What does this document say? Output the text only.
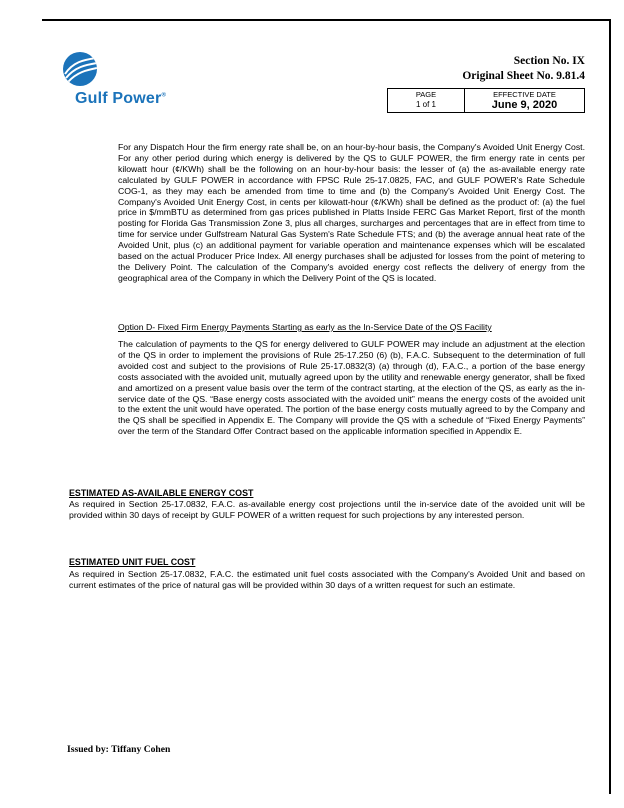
Gulf Power®
Section No. IX
Original Sheet No. 9.81.4
PAGE
1 of 1

EFFECTIVE DATE
June 9, 2020

For any Dispatch Hour the firm energy rate shall be, on an hour-by-hour basis, the Company's Avoided Unit Energy Cost. For any other period during which energy is delivered by the QS to GULF POWER, the firm energy rate in cents per kilowatt hour (¢/KWh) shall be the following on an hour-by-hour basis: the lesser of (a) the as-available energy rate calculated by GULF POWER in accordance with FPSC Rule 25-17.0825, FAC, and GULF POWER's Rate Schedule COG-1, as they may each be amended from time to time and (b) the Company's Avoided Unit Energy Cost. The Company's Avoided Unit Energy Cost, in cents per kilowatt-hour (¢/KWh) shall be defined as the product of: (a) the fuel price in $/mmBTU as determined from gas prices published in Platts Inside FERC Gas Market Report, first of the month posting for Florida Gas Transmission Zone 3, plus all charges, surcharges and percentages that are in effect from time to time for service under Gulfstream Natural Gas System's Rate Schedule FTS; and (b) the average annual heat rate of the Avoided Unit, plus (c) an additional payment for variable operation and maintenance expenses which will be escalated based on the actual Producer Price Index. All energy purchases shall be adjusted for losses from the point of metering to the Delivery Point. The calculation of the Company's avoided energy cost reflects the delivery of energy from the geographical area of the Company in which the Delivery Point of the QS is located.

Option D- Fixed Firm Energy Payments Starting as early as the In-Service Date of the QS Facility

The calculation of payments to the QS for energy delivered to GULF POWER may include an adjustment at the election of the QS in order to implement the provisions of Rule 25-17.250 (6) (b), F.A.C. Subsequent to the determination of full avoided cost and subject to the provisions of Rule 25-17.0832(3) (a) through (d), F.A.C., a portion of the base energy costs associated with the avoided unit, mutually agreed upon by the utility and renewable energy generator, shall be fixed and amortized on a present value basis over the term of the contract starting, at the election of the QS, as early as the in-service date of the QS. “Base energy costs associated with the avoided unit” means the energy costs of the avoided unit to the extent the unit would have operated. The portion of the base energy costs mutually agreed to by the Company and the QS shall be specified in Appendix E. The Company will provide the QS with a schedule of “Fixed Energy Payments” over the term of the Standard Offer Contract based on the applicable information specified in Appendix E.

ESTIMATED AS-AVAILABLE ENERGY COST

As required in Section 25-17.0832, F.A.C. as-available energy cost projections until the in-service date of the avoided unit will be provided within 30 days of receipt by GULF POWER of a written request for such projections by any interested person.

ESTIMATED UNIT FUEL COST

As required in Section 25-17.0832, F.A.C. the estimated unit fuel costs associated with the Company's Avoided Unit and based on current estimates of the price of natural gas will be provided within 30 days of a written request for such an estimate.

Issued by: Tiffany Cohen
